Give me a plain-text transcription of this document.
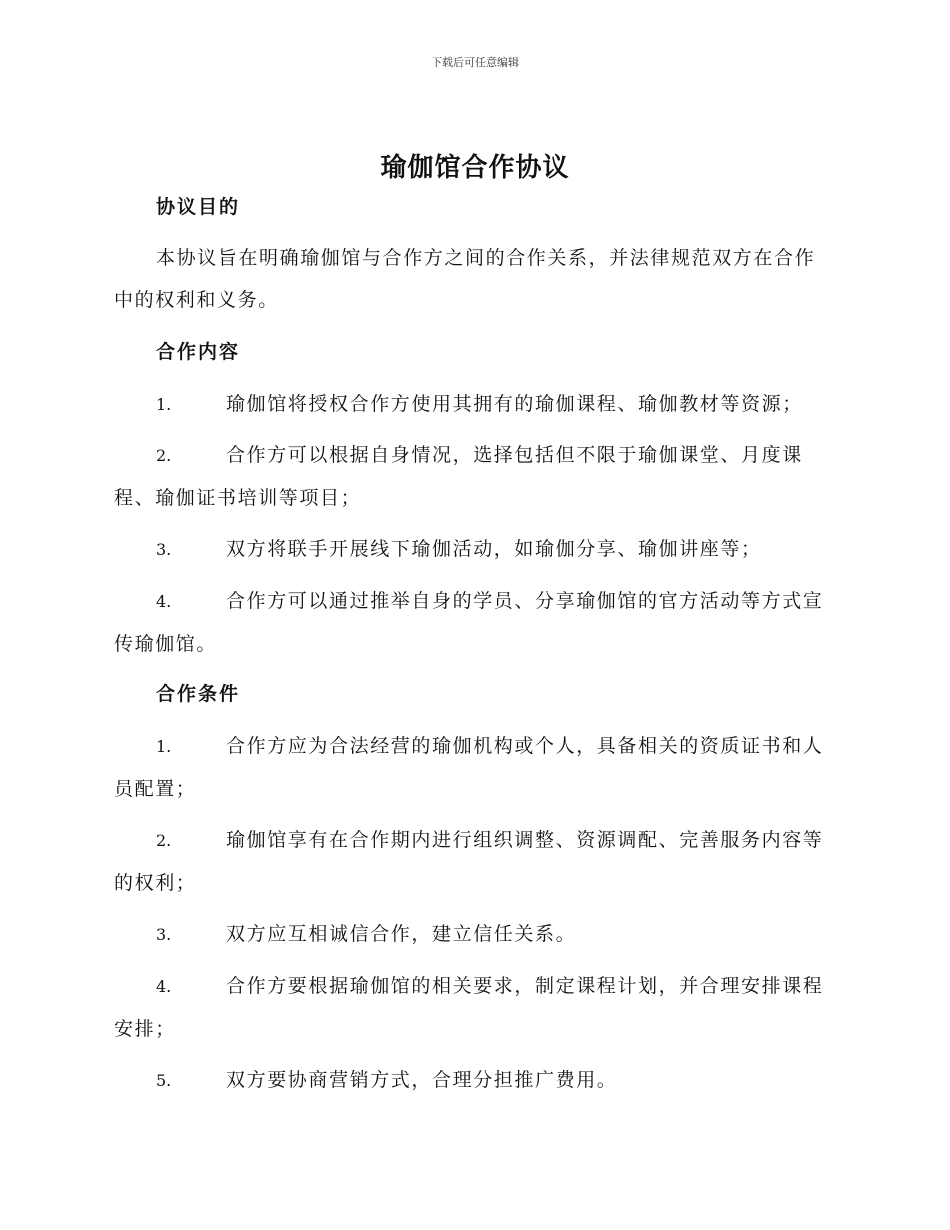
下载后可任意编辑
瑜伽馆合作协议
协议目的
本协议旨在明确瑜伽馆与合作方之间的合作关系，并法律规范双方在合作中的权利和义务。
合作内容
1.	瑜伽馆将授权合作方使用其拥有的瑜伽课程、瑜伽教材等资源；
2.	合作方可以根据自身情况，选择包括但不限于瑜伽课堂、月度课程、瑜伽证书培训等项目；
3.	双方将联手开展线下瑜伽活动，如瑜伽分享、瑜伽讲座等；
4.	合作方可以通过推举自身的学员、分享瑜伽馆的官方活动等方式宣传瑜伽馆。
合作条件
1.	合作方应为合法经营的瑜伽机构或个人，具备相关的资质证书和人员配置；
2.	瑜伽馆享有在合作期内进行组织调整、资源调配、完善服务内容等的权利；
3.	双方应互相诚信合作，建立信任关系。
4.	合作方要根据瑜伽馆的相关要求，制定课程计划，并合理安排课程安排；
5.	双方要协商营销方式，合理分担推广费用。
